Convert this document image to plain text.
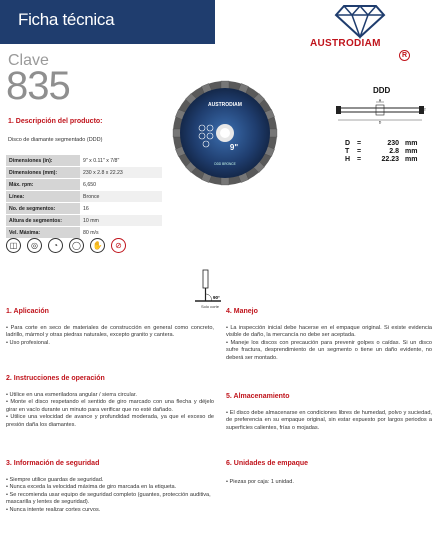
Ficha técnica
AUSTRODIAM
R
Clave
835
1. Descripción del producto:
Disco de diamante segmentado (DDD)
Dimensiones (in):	9" x 0.11" x 7/8"
Dimensiones (mm):	230 x 2.8 x 22.23
Máx. rpm:	6,650
Línea:	Bronce
No. de segmentos:	16
Altura de segmentos:	10 mm
Vel. Máxima:	80 m/s
◫	◎	◔	◯ ✋	⊘
AUSTRODIAM
9"
DDD BRONCE
DDD
H
T
D
D =	230 mm
T =	2.8 mm
H =	22.23 mm
90°
Solo corte
1. Aplicación

• Para corte en seco de materiales de construcción en general como concreto, ladrillo, mármol y otras piedras naturales, excepto granito y cantera.

• Uso profesional.

2. Instrucciones de operación

• Utilice en una esmeriladora angular / sierra circular.

• Monte el disco respetando el sentido de giro marcado con una flecha y déjelo girar en vacío durante un minuto para verificar que no esté dañado.

• Utilice una velocidad de avance y profundidad moderada, ya que el exceso de presión daña los diamantes.

3. Información de seguridad

• Siempre utilice guardas de seguridad.

• Nunca exceda la velocidad máxima de giro marcada en la etiqueta.

• Se recomienda usar equipo de seguridad completo (guantes, protección auditiva, mascarilla y lentes de seguridad).

• Nunca intente realizar cortes curvos.

4. Manejo

• La inspección inicial debe hacerse en el empaque original. Si existe evidencia visible de daño, la mercancía no debe ser aceptada.

• Maneje los discos con precaución para prevenir golpes o caídas. Si un disco sufre fractura, desprendimiento de un segmento o tiene un daño evidente, no deberá ser montado.

5. Almacenamiento

• El disco debe almacenarse en condiciones libres de humedad, polvo y suciedad, de preferencia en su empaque original, sin estar expuesto por largos periodos a superficies calientes, frías o mojadas.

6. Unidades de empaque

• Piezas por caja: 1 unidad.
